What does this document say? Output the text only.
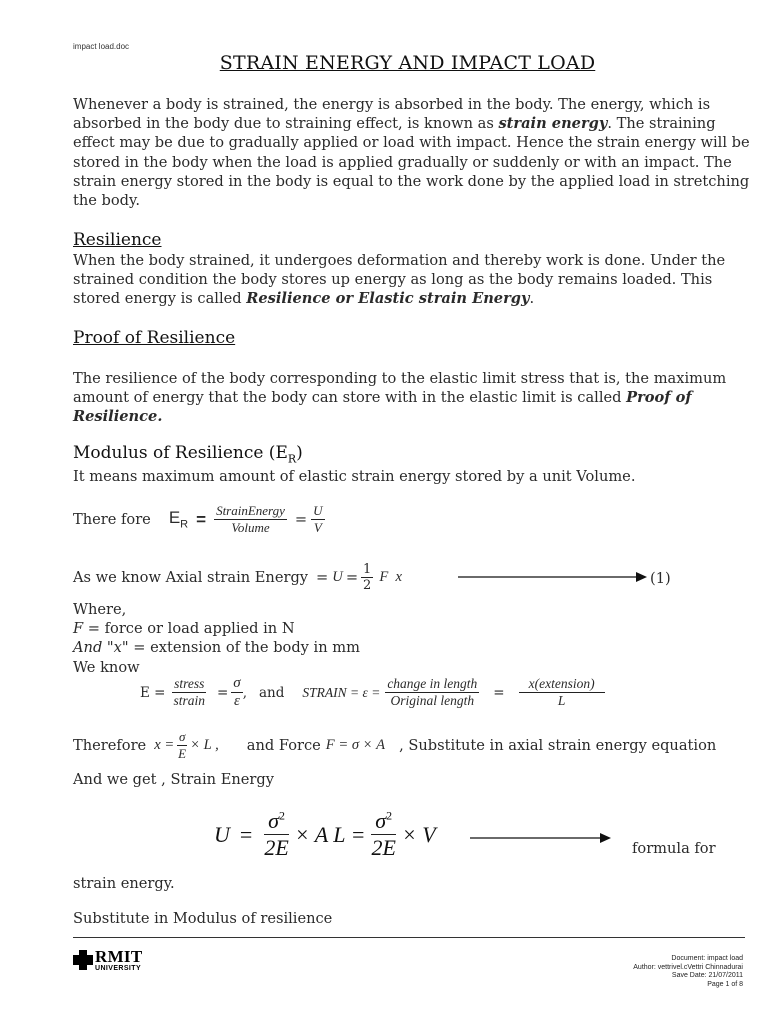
impact load.doc
STRAIN ENERGY AND IMPACT LOAD
Whenever a body is strained, the energy is absorbed in the body. The energy, which is absorbed in the body due to straining effect, is known as strain energy. The straining effect may be due to gradually applied or load with impact. Hence the strain energy will be stored in the body when the load is applied gradually or suddenly or with an impact. The strain energy stored in the body is equal to the work done by the applied load in stretching the body.
Resilience
When the body strained, it undergoes deformation and thereby work is done. Under the strained condition the body stores up energy as long as the body remains loaded. This stored energy is called Resilience or Elastic strain Energy.
Proof of Resilience
The resilience of the body corresponding to the elastic limit stress that is, the maximum amount of energy that the body can store with in the elastic limit is called Proof of Resilience.
Modulus of Resilience $(E_R)$
It means maximum amount of elastic strain energy stored by a unit Volume.
There fore $E_R = \frac{\text{StrainEnergy}}{\text{Volume}} = \frac{U}{V}$
As we know Axial strain Energy = $U = \frac{1}{2}$ F  x	(1)
Where,
F = force or load applied in N
And "x" = extension of the body in mm
We know
$E = \frac{\text{stress}}{\text{strain}} = \frac{\sigma}{\varepsilon}$ , and STRAIN = $\varepsilon = \frac{\text{change in length}}{\text{Original length}} = \frac{\text{x(extension)}}{L}$
Therefore $x = \frac{\sigma}{E} \times L$ , and Force F = σ × A , Substitute in axial strain energy equation
And we get , Strain Energy
$U = \frac{\sigma^2}{2E} \times A$ $L = \frac{\sigma^2}{2E} \times V$
formula for
strain energy.
Substitute in Modulus of resilience
RMIT
UNIVERSITY
Document: impact load
Author: vettrivel.cVettri Chinnadurai
Save Date: 21/07/2011
Page 1 of 8
